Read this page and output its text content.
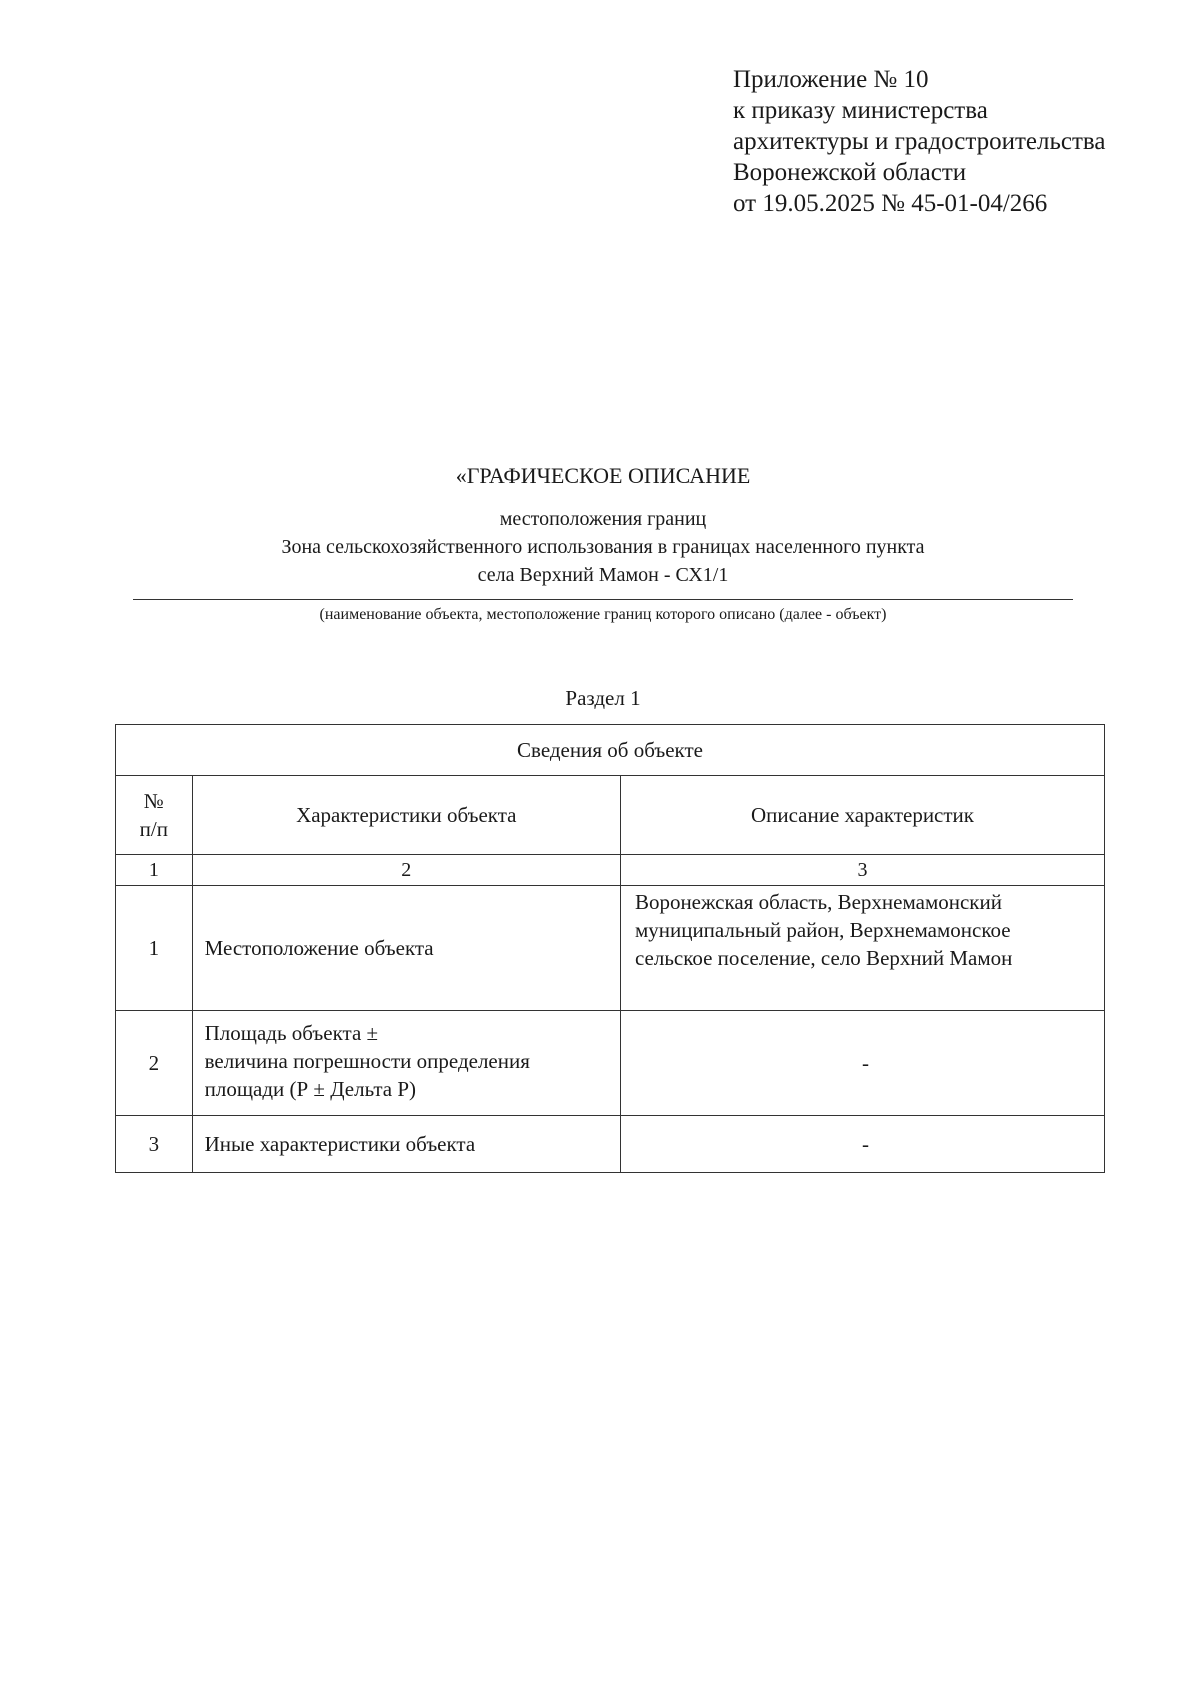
Приложение № 10
к приказу министерства
архитектуры и градостроительства
Воронежской области
от 19.05.2025 № 45-01-04/266
«ГРАФИЧЕСКОЕ ОПИСАНИЕ
местоположения границ
Зона сельскохозяйственного использования в границах населенного пункта
села Верхний Мамон - СХ1/1
(наименование объекта, местоположение границ которого описано (далее - объект)
Раздел 1
Сведения об объекте		
№
п/п	Характеристики объекта	Описание характеристик
1	2	3
1	Местоположение объекта	Воронежская область, Верхнемамонский
муниципальный район, Верхнемамонское
сельское поселение, село Верхний Мамон
2	Площадь объекта ±
величина погрешности определения
площади (Р ± Дельта Р)	-
3	Иные характеристики объекта	-
